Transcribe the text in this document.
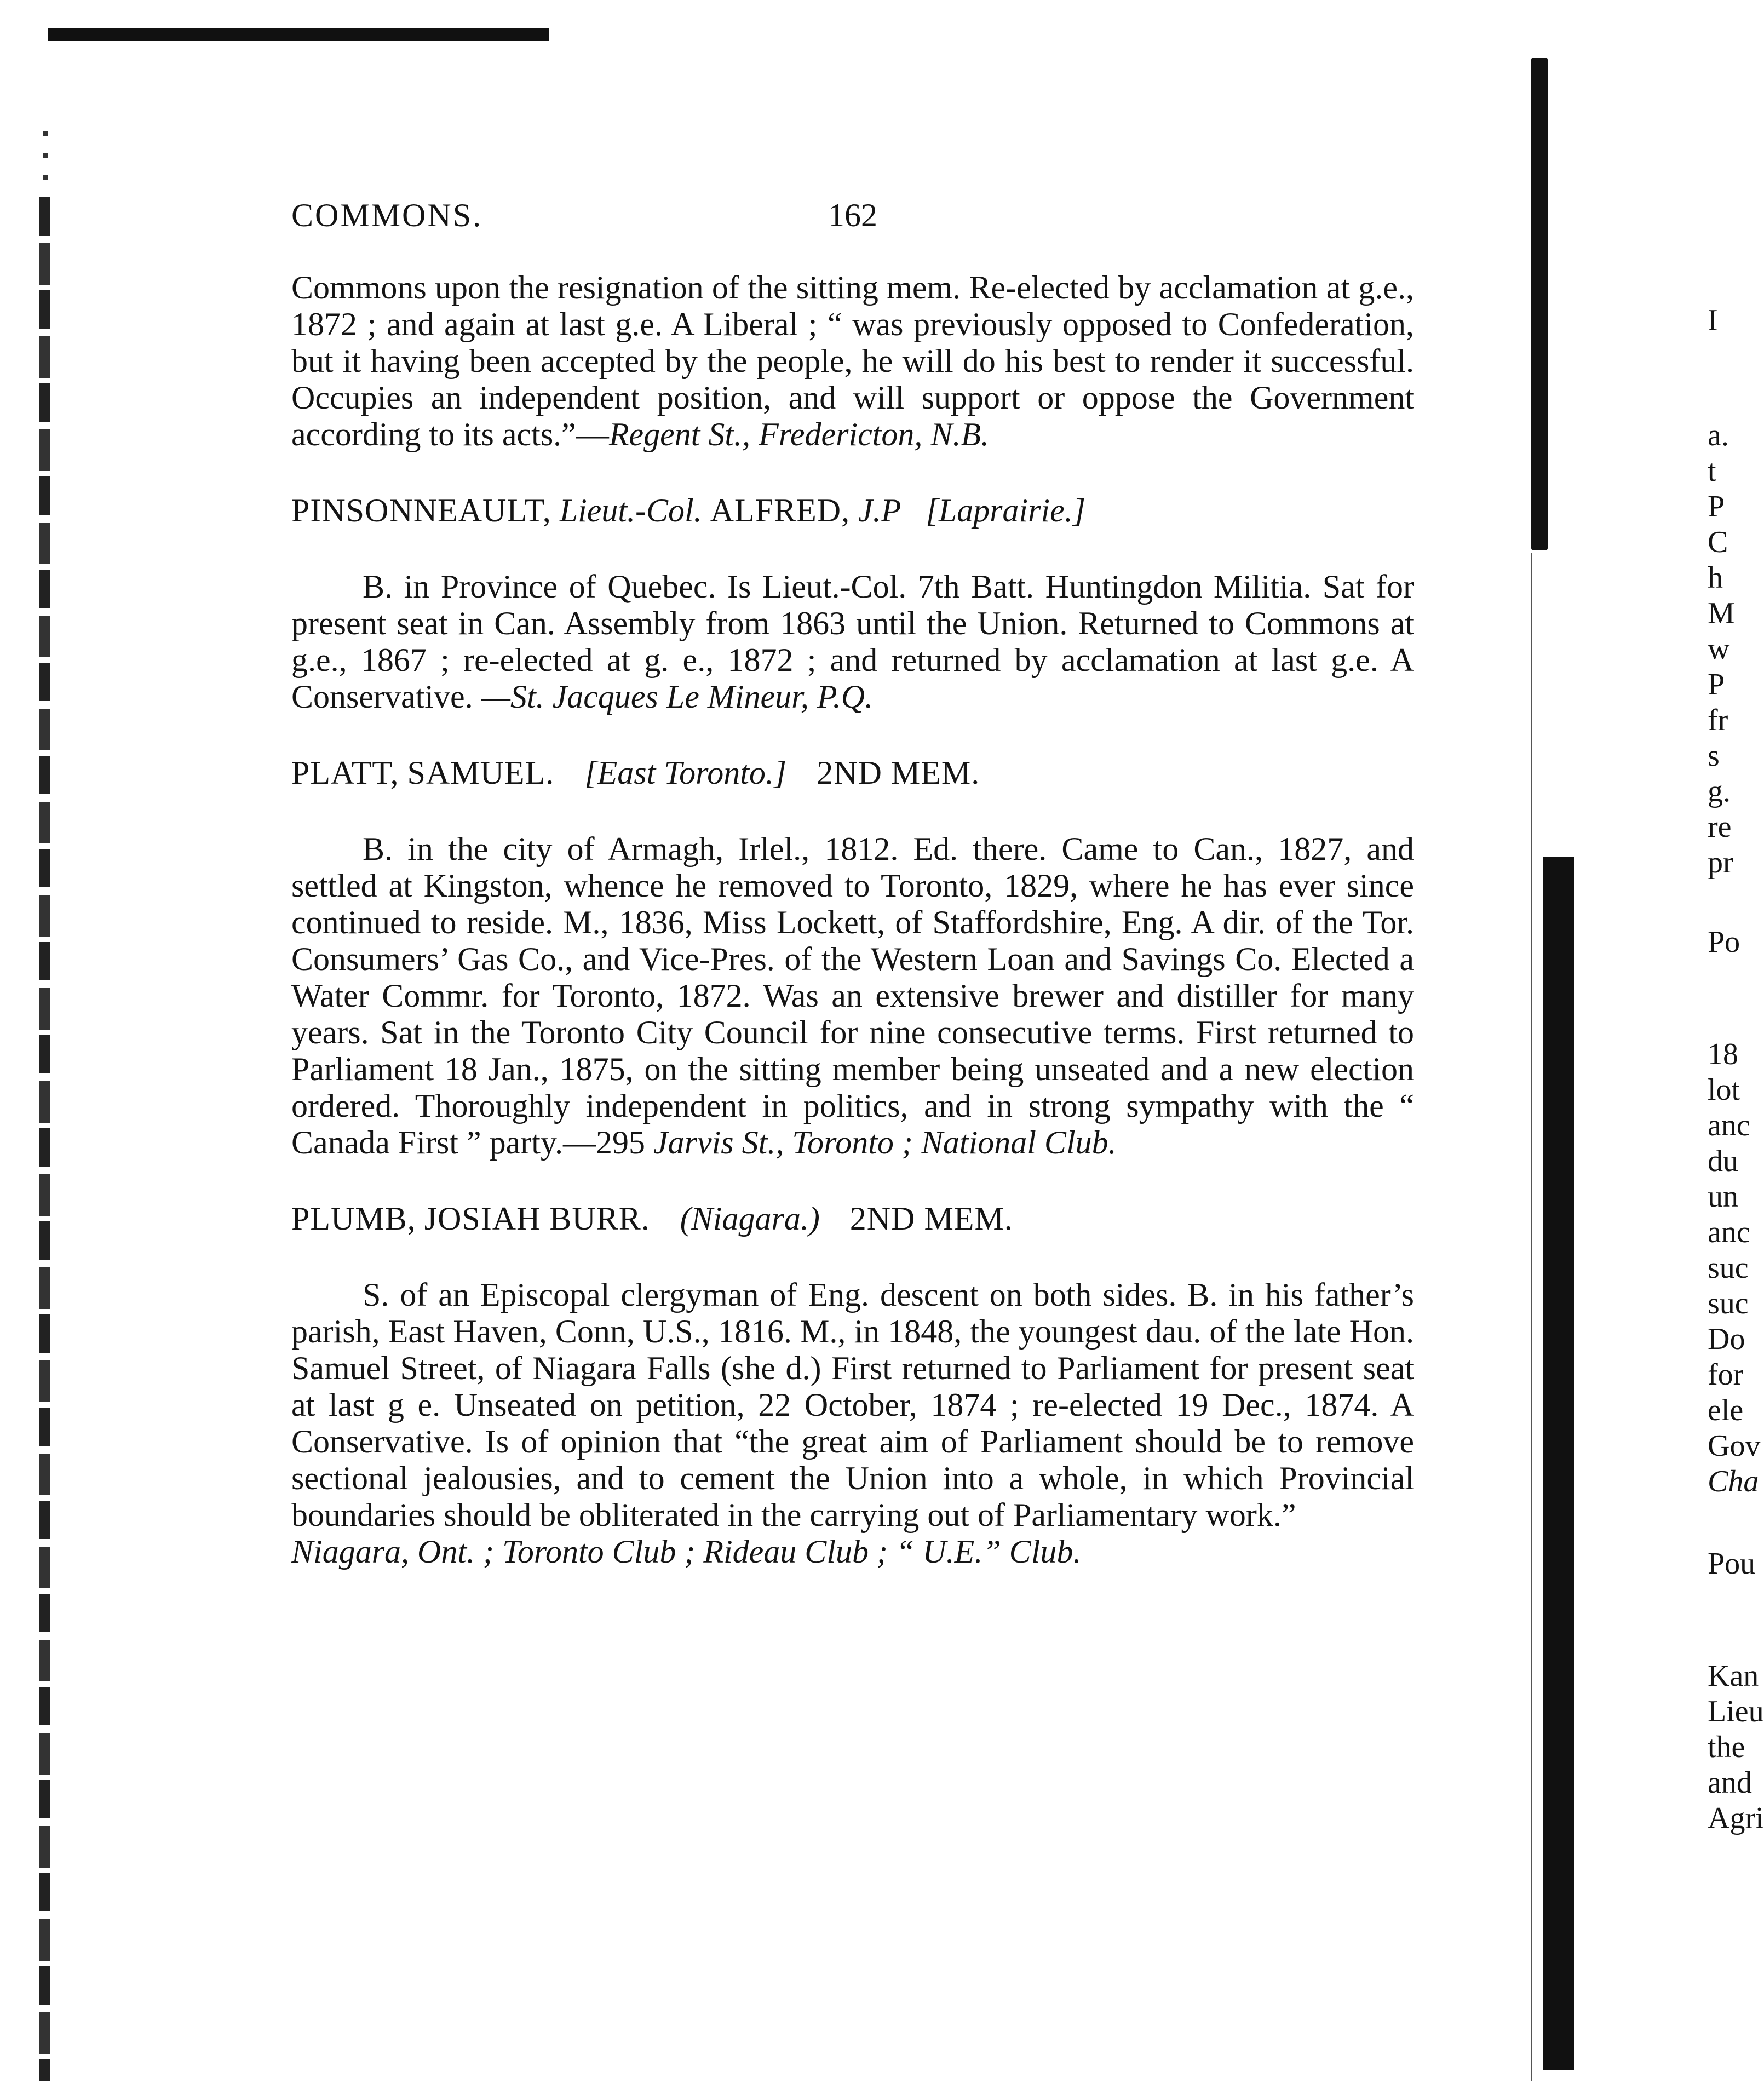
COMMONS.	162

Commons upon the resignation of the sitting mem. Re-elected by acclamation at g.e., 1872 ; and again at last g.e. A Liberal ; “ was previously opposed to Confederation, but it having been accepted by the people, he will do his best to render it successful. Occupies an independent position, and will support or oppose the Government according to its acts.”—Regent St., Fredericton, N.B.

PINSONNEAULT, Lieut.-Col. ALFRED, J.P [Laprairie.]

B. in Province of Quebec. Is Lieut.-Col. 7th Batt. Huntingdon Militia. Sat for present seat in Can. Assembly from 1863 until the Union. Returned to Commons at g.e., 1867 ; re-elected at g. e., 1872 ; and returned by acclamation at last g.e. A Conservative. —St. Jacques Le Mineur, P.Q.

PLATT, SAMUEL. [East Toronto.] 2ND MEM.

B. in the city of Armagh, Irlel., 1812. Ed. there. Came to Can., 1827, and settled at Kingston, whence he removed to Toronto, 1829, where he has ever since continued to reside. M., 1836, Miss Lockett, of Staffordshire, Eng. A dir. of the Tor. Consumers’ Gas Co., and Vice-Pres. of the Western Loan and Savings Co. Elected a Water Commr. for Toronto, 1872. Was an extensive brewer and distiller for many years. Sat in the Toronto City Council for nine consecutive terms. First returned to Parliament 18 Jan., 1875, on the sitting member being unseated and a new election ordered. Thoroughly independent in politics, and in strong sympathy with the “ Canada First ” party.—295 Jarvis St., Toronto ; National Club.

PLUMB, JOSIAH BURR. (Niagara.) 2ND MEM.

S. of an Episcopal clergyman of Eng. descent on both sides. B. in his father’s parish, East Haven, Conn, U.S., 1816. M., in 1848, the youngest dau. of the late Hon. Samuel Street, of Niagara Falls (she d.) First returned to Parliament for present seat at last g e. Unseated on petition, 22 October, 1874 ; re-elected 19 Dec., 1874. A Conservative. Is of opinion that “the great aim of Parliament should be to remove sectional jealousies, and to cement the Union into a whole, in which Provincial boundaries should be obliterated in the carrying out of Parliamentary work.”
Niagara, Ont. ; Toronto Club ; Rideau Club ; “ U.E.” Club.

I
a.
t
P
C
h
M
w
P
fr
s
g.
re
pr
Po
18
lot
anc
du
un
anc
suc
suc
Do
for
ele
Gov
Cha
Pou
Kan
Lieu
the
and
Agri
